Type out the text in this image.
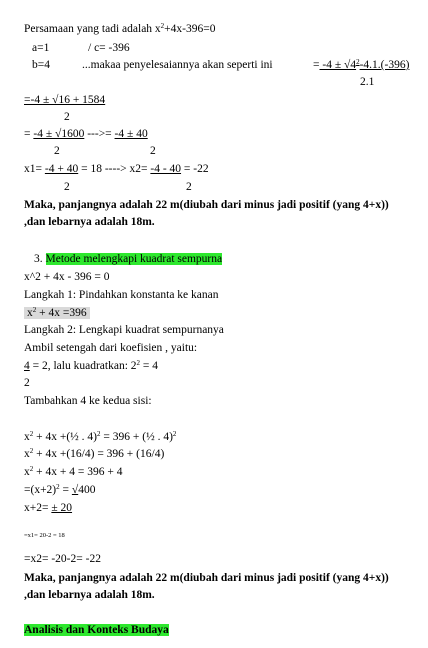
Persamaan yang tadi adalah $x^2+4x-396=0$
a=1	/ c= -396
b=4	...makaa penyelesaiannya akan seperti ini	= $-4 \pm √4^2-4.1.(-396)$
2.1
=-4 ± √16 + 1584
2
= -4 ± √1600 --->= -4 ± 40
2	2
x1= -4 + 40 = 18 ----> x2= -4 - 40 = -22
2	2
Maka, panjangnya adalah 22 m(diubah dari minus jadi positif (yang 4+x))
,dan lebarnya adalah 18m.
3. Metode melengkapi kuadrat sempurna
x^2 + 4x - 396 = 0
Langkah 1: Pindahkan konstanta ke kanan
$x^2 + 4x =396$
Langkah 2: Lengkapi kuadrat sempurnanya
Ambil setengah dari koefisien , yaitu:
4 = 2, lalu kuadratkan: $2^2 = 4$
2
Tambahkan 4 ke kedua sisi:
$x^2 + 4x$ +(½ . 4)$^2$ = 396 + (½ . 4)$^2$
$x^2 + 4x +(16/4) = 396 + (16/4)$
$x^2 + 4x + 4 = 396 + 4$
$=(x+2)^2 = √400$
x+2= ± 20
=x1= 20-2 = 18
=x2= -20-2= -22
Maka, panjangnya adalah 22 m(diubah dari minus jadi positif (yang 4+x))
,dan lebarnya adalah 18m.
Analisis dan Konteks Budaya
